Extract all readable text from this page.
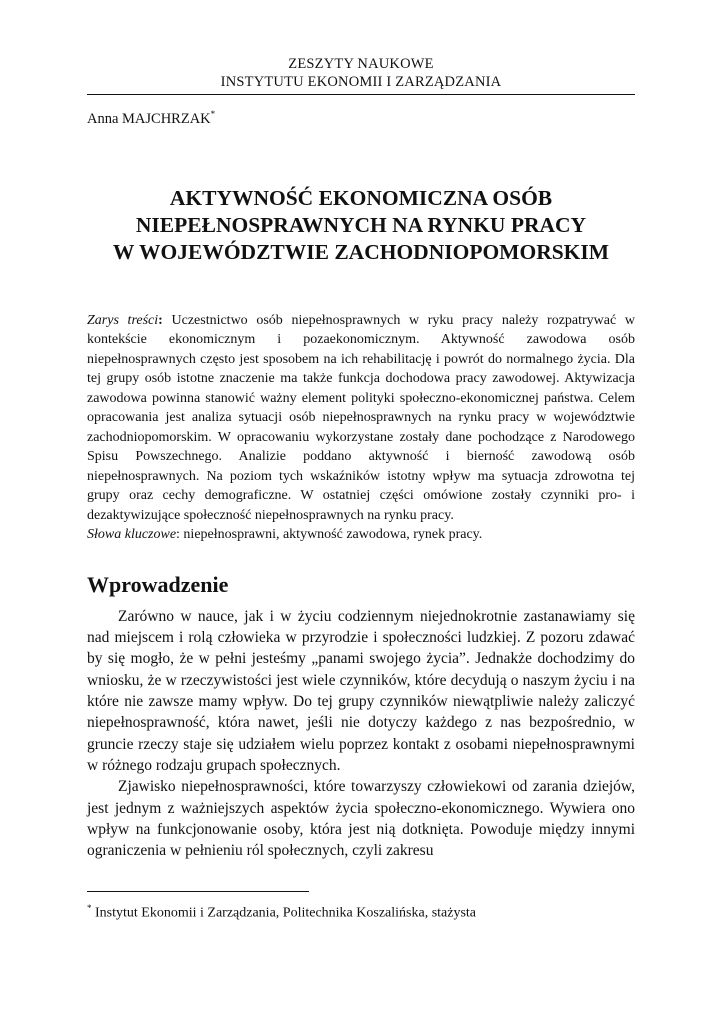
ZESZYTY NAUKOWE
INSTYTUTU EKONOMII I ZARZĄDZANIA
Anna MAJCHRZAK*
AKTYWNOŚĆ EKONOMICZNA OSÓB
NIEPEŁNOSPRAWNYCH NA RYNKU PRACY
W WOJEWÓDZTWIE ZACHODNIOPOMORSKIM
Zarys treści: Uczestnictwo osób niepełnosprawnych w ryku pracy należy rozpatrywać w kontekście ekonomicznym i pozaekonomicznym. Aktywność zawodowa osób niepełnosprawnych często jest sposobem na ich rehabilitację i powrót do normalnego życia. Dla tej grupy osób istotne znaczenie ma także funkcja dochodowa pracy zawodowej. Aktywizacja zawodowa powinna stanowić ważny element polityki społeczno-ekonomicznej państwa. Celem opracowania jest analiza sytuacji osób niepełnosprawnych na rynku pracy w województwie zachodniopomorskim. W opracowaniu wykorzystane zostały dane pochodzące z Narodowego Spisu Powszechnego. Analizie poddano aktywność i bierność zawodową osób niepełnosprawnych. Na poziom tych wskaźników istotny wpływ ma sytuacja zdrowotna tej grupy oraz cechy demograficzne. W ostatniej części omówione zostały czynniki pro- i dezaktywizujące społeczność niepełnosprawnych na rynku pracy.
Słowa kluczowe: niepełnosprawni, aktywność zawodowa, rynek pracy.
Wprowadzenie

Zarówno w nauce, jak i w życiu codziennym niejednokrotnie zastanawiamy się nad miejscem i rolą człowieka w przyrodzie i społeczności ludzkiej. Z pozoru zdawać by się mogło, że w pełni jesteśmy „panami swojego życia”. Jednakże dochodzimy do wniosku, że w rzeczywistości jest wiele czynników, które decydują o naszym życiu i na które nie zawsze mamy wpływ. Do tej grupy czynników niewątpliwie należy zaliczyć niepełnosprawność, która nawet, jeśli nie dotyczy każdego z nas bezpośrednio, w gruncie rzeczy staje się udziałem wielu poprzez kontakt z osobami niepełnosprawnymi w różnego rodzaju grupach społecznych.

Zjawisko niepełnosprawności, które towarzyszy człowiekowi od zarania dziejów, jest jednym z ważniejszych aspektów życia społeczno-ekonomicznego. Wywiera ono wpływ na funkcjonowanie osoby, która jest nią dotknięta. Powoduje między innymi ograniczenia w pełnieniu ról społecznych, czyli zakresu

* Instytut Ekonomii i Zarządzania, Politechnika Koszalińska, stażysta
